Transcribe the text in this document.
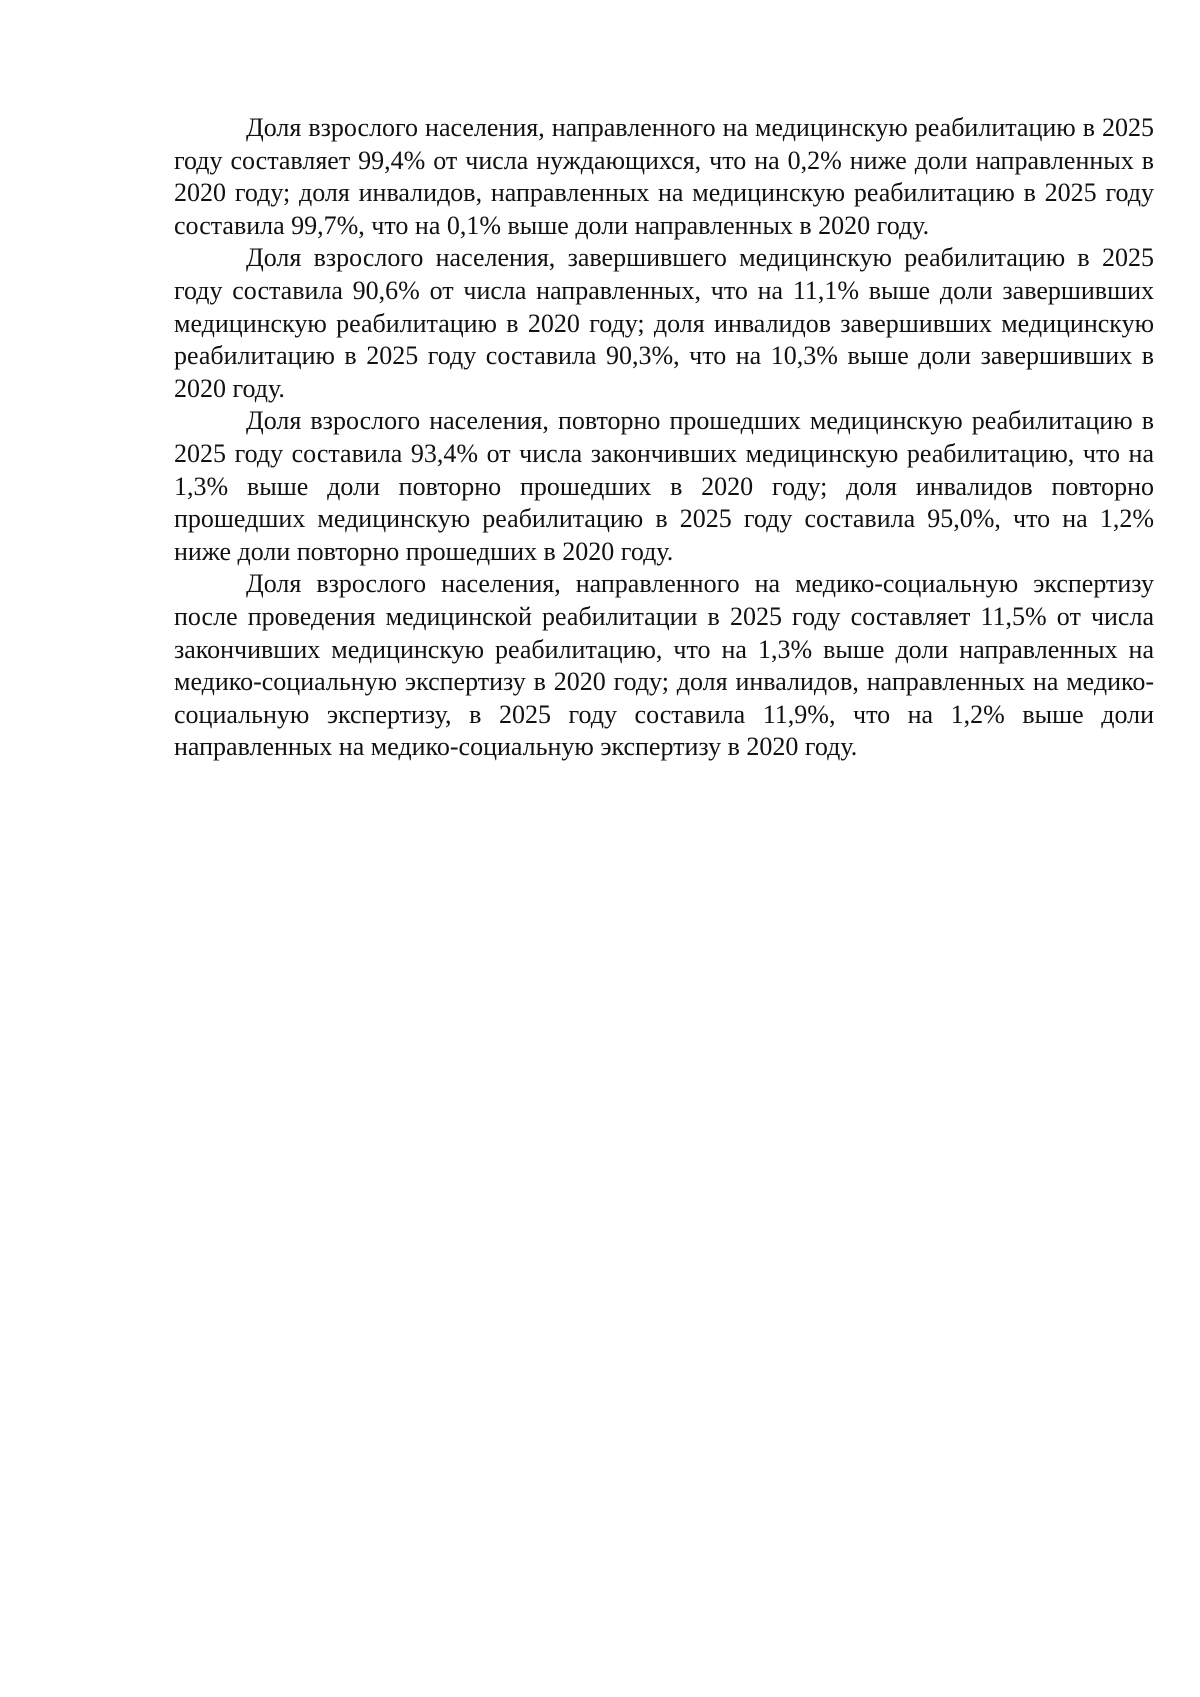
Доля взрослого населения, направленного на медицинскую реабилитацию в 2025 году составляет 99,4% от числа нуждающихся, что на 0,2% ниже доли направленных в 2020 году; доля инвалидов, направленных на медицинскую реабилитацию в 2025 году составила 99,7%, что на 0,1% выше доли направленных в 2020 году.

Доля взрослого населения, завершившего медицинскую реабилитацию в 2025 году составила 90,6% от числа направленных, что на 11,1% выше доли завершивших медицинскую реабилитацию в 2020 году; доля инвалидов завершивших медицинскую реабилитацию в 2025 году составила 90,3%, что на 10,3% выше доли завершивших в 2020 году.

Доля взрослого населения, повторно прошедших медицинскую реабилитацию в 2025 году составила 93,4% от числа закончивших медицинскую реабилитацию, что на 1,3% выше доли повторно прошедших в 2020 году; доля инвалидов повторно прошедших медицинскую реабилитацию в 2025 году составила 95,0%, что на 1,2% ниже доли повторно прошедших в 2020 году.

Доля взрослого населения, направленного на медико-социальную экспертизу после проведения медицинской реабилитации в 2025 году составляет 11,5% от числа закончивших медицинскую реабилитацию, что на 1,3% выше доли направленных на медико-социальную экспертизу в 2020 году; доля инвалидов, направленных на медико-социальную экспертизу, в 2025 году составила 11,9%, что на 1,2% выше доли направленных на медико-социальную экспертизу в 2020 году.
